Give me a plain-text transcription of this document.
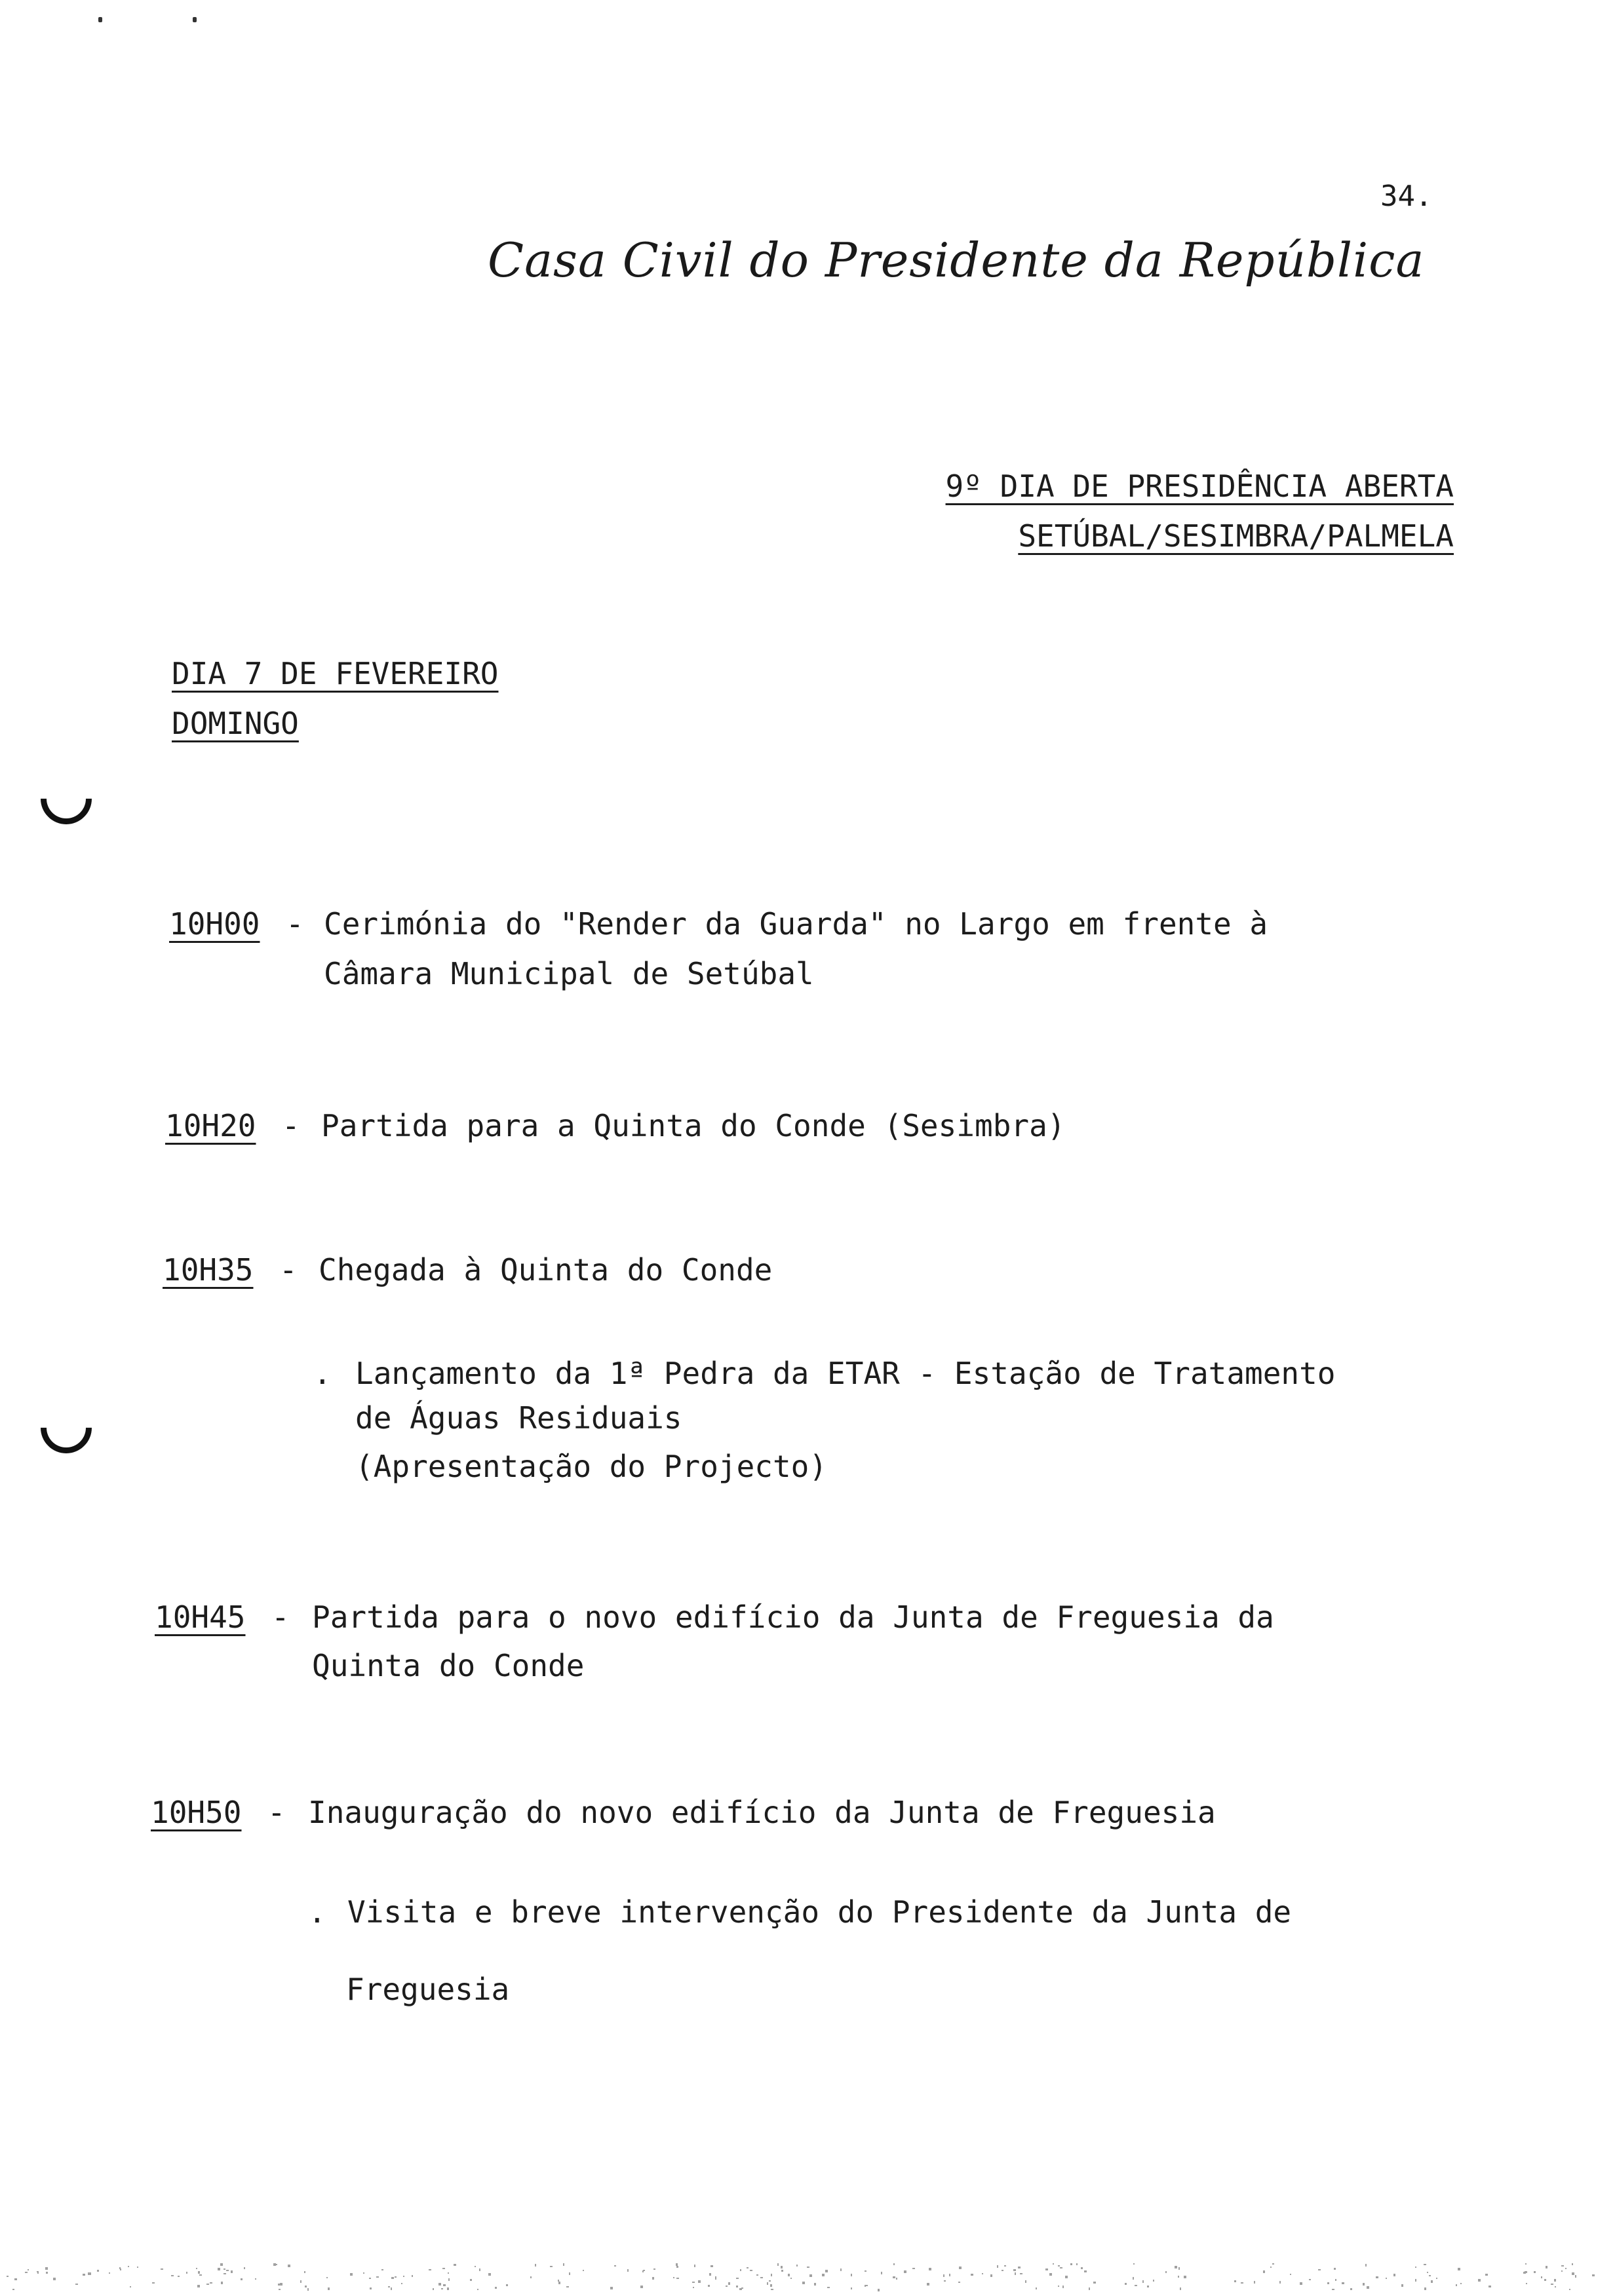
34.
Casa Civil do Presidente da República
9º DIA DE PRESIDÊNCIA ABERTA
SETÚBAL/SESIMBRA/PALMELA
DIA 7 DE FEVEREIRO
DOMINGO
10H00 - Cerimónia do "Render da Guarda" no Largo em frente à
Câmara Municipal de Setúbal
10H20 - Partida para a Quinta do Conde (Sesimbra)
10H35 - Chegada à Quinta do Conde
. Lançamento da 1ª Pedra da ETAR - Estação de Tratamento
de Águas Residuais
(Apresentação do Projecto)
10H45 - Partida para o novo edifício da Junta de Freguesia da
Quinta do Conde
10H50 - Inauguração do novo edifício da Junta de Freguesia
. Visita e breve intervenção do Presidente da Junta de
Freguesia
